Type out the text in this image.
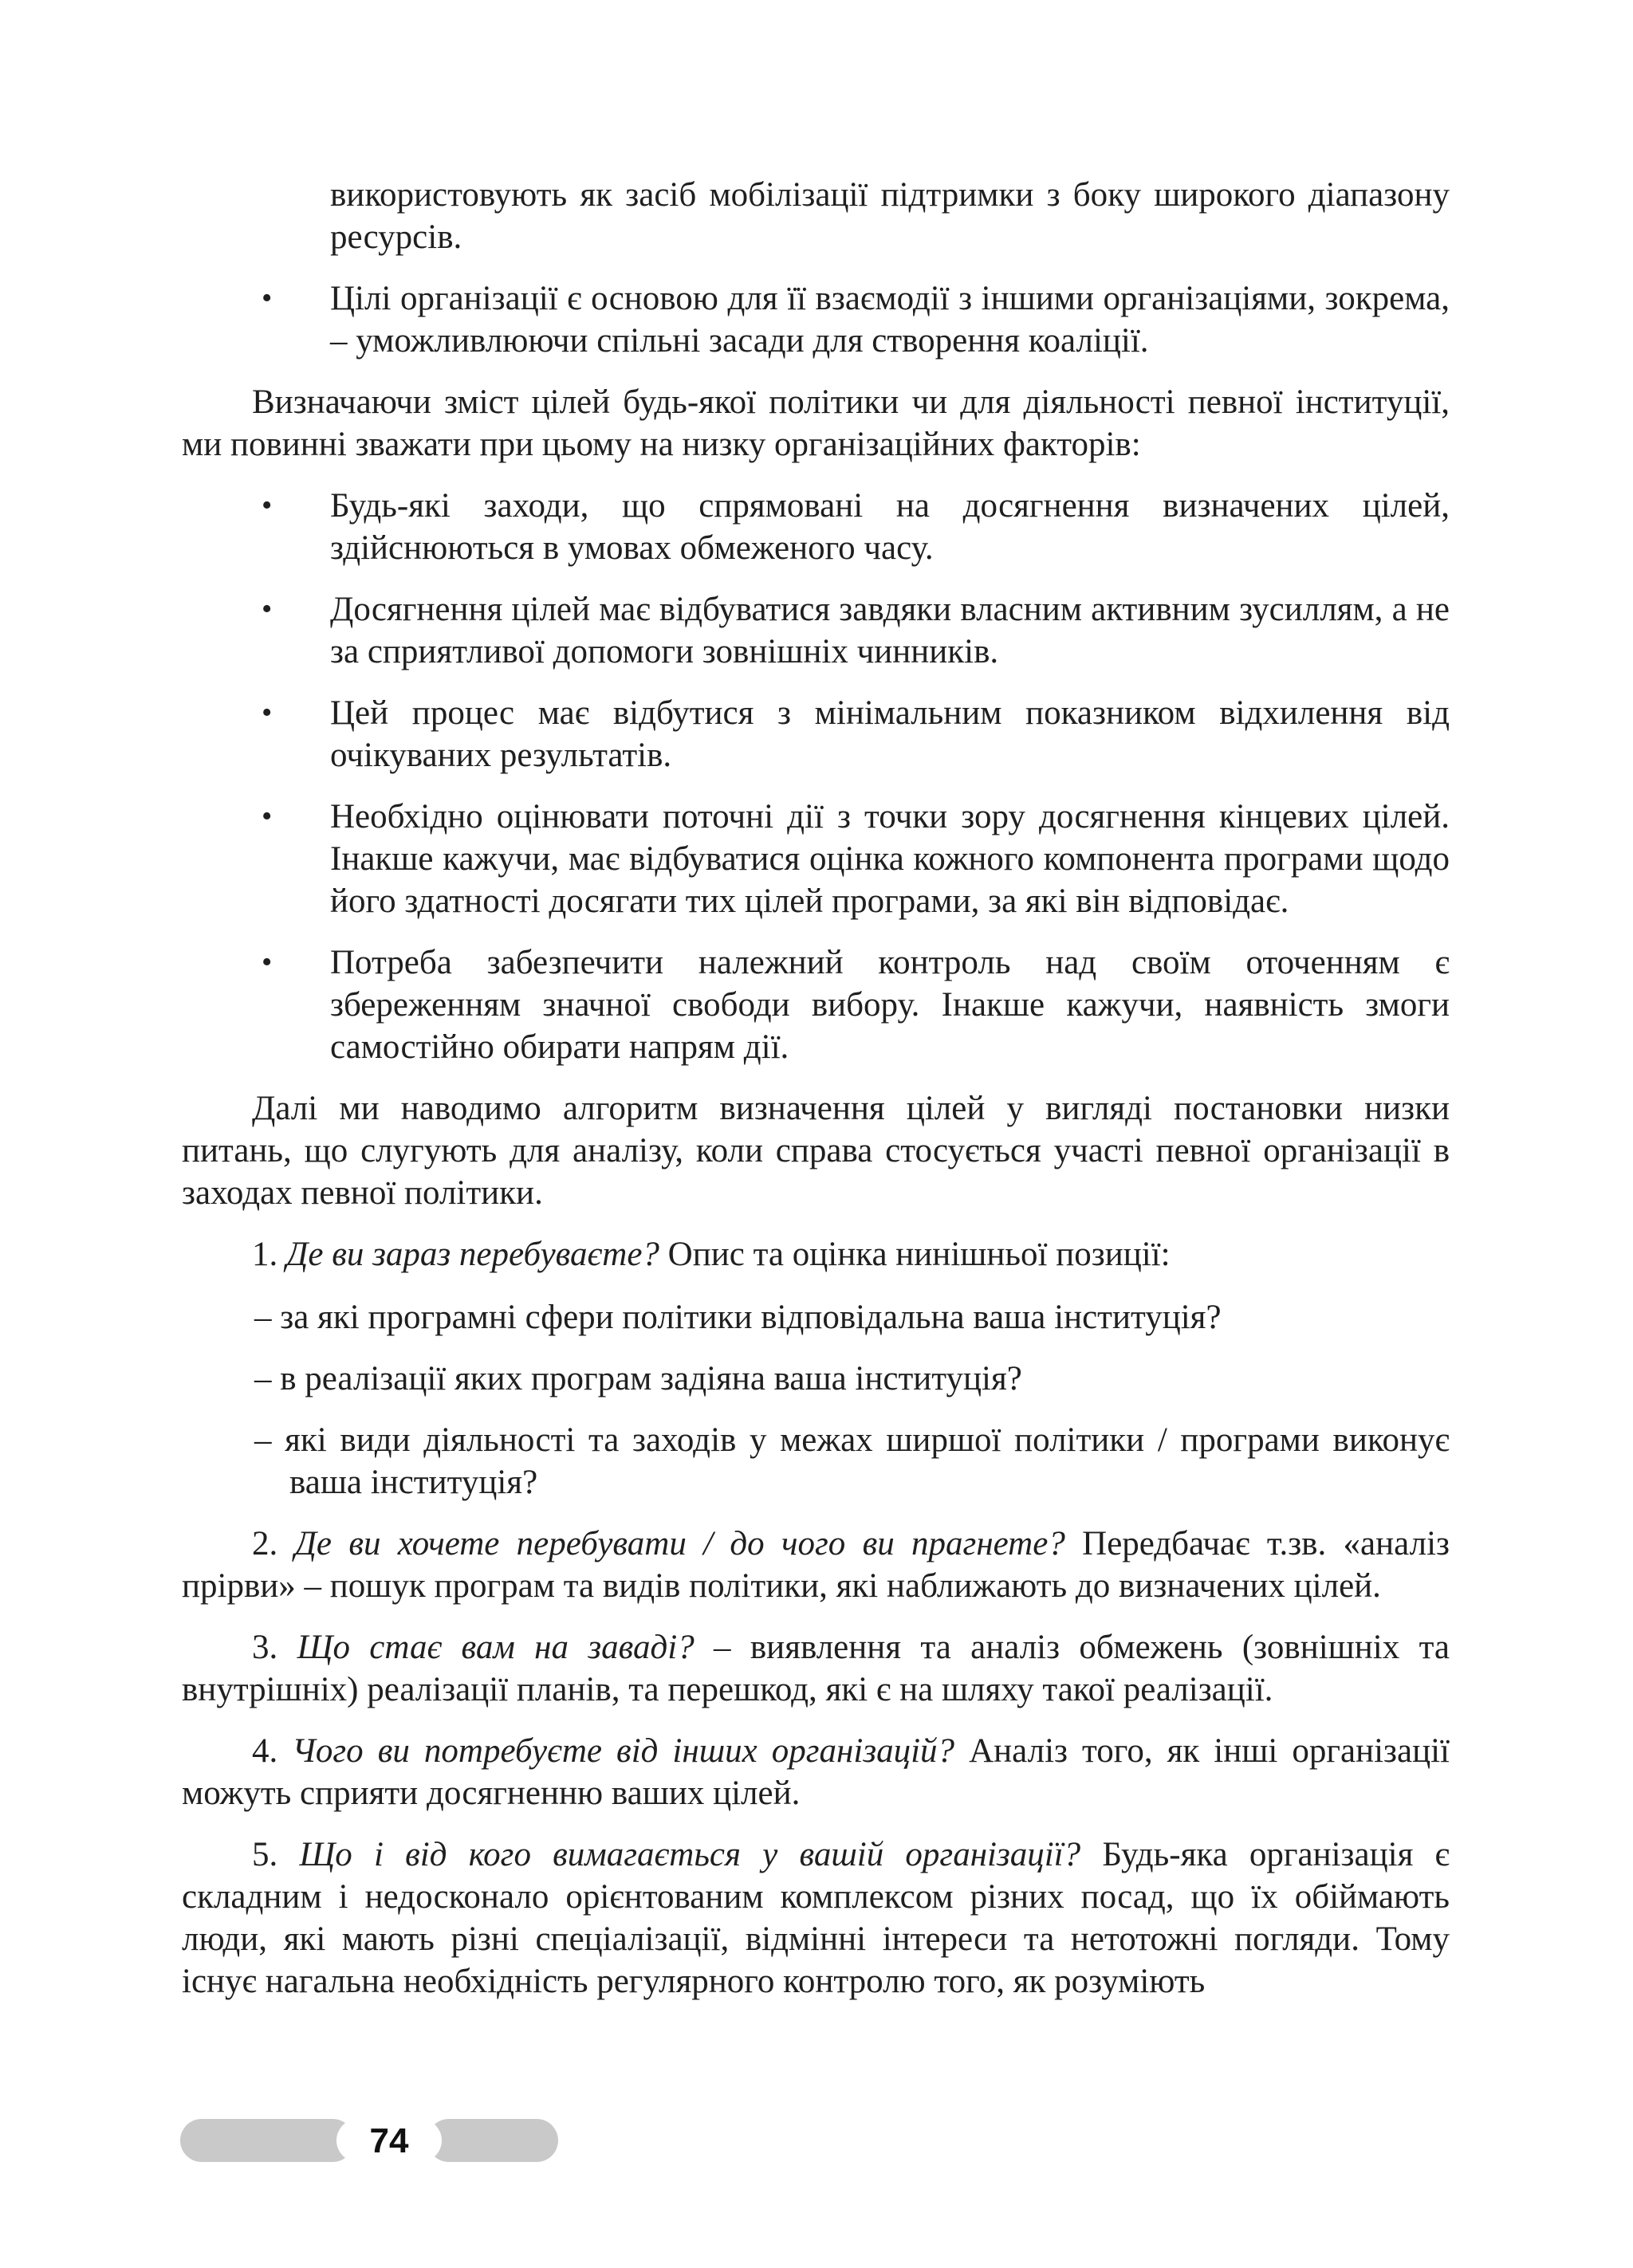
використовують як засіб мобілізації підтримки з боку широкого діапазону ресурсів.

• Цілі організації є основою для її взаємодії з іншими організаціями, зокрема, – уможливлюючи спільні засади для створення коаліції.

Визначаючи зміст цілей будь-якої політики чи для діяльності певної інституції, ми повинні зважати при цьому на низку організаційних факторів:

• Будь-які заходи, що спрямовані на досягнення визначених цілей, здійснюються в умовах обмеженого часу.

• Досягнення цілей має відбуватися завдяки власним активним зусиллям, а не за сприятливої допомоги зовнішніх чинників.

• Цей процес має відбутися з мінімальним показником відхилення від очікуваних результатів.

• Необхідно оцінювати поточні дії з точки зору досягнення кінцевих цілей. Інакше кажучи, має відбуватися оцінка кожного компонента програми щодо його здатності досягати тих цілей програми, за які він відповідає.

• Потреба забезпечити належний контроль над своїм оточенням є збереженням значної свободи вибору. Інакше кажучи, наявність змоги самостійно обирати напрям дії.

Далі ми наводимо алгоритм визначення цілей у вигляді постановки низки питань, що слугують для аналізу, коли справа стосується участі певної організації в заходах певної політики.

1. Де ви зараз перебуваєте? Опис та оцінка нинішньої позиції:

– за які програмні сфери політики відповідальна ваша інституція?

– в реалізації яких програм задіяна ваша інституція?

– які види діяльності та заходів у межах ширшої політики / програми виконує ваша інституція?

2. Де ви хочете перебувати / до чого ви прагнете? Передбачає т.зв. «аналіз прірви» – пошук програм та видів політики, які наближають до визначених цілей.

3. Що стає вам на заваді? – виявлення та аналіз обмежень (зовнішніх та внутрішніх) реалізації планів, та перешкод, які є на шляху такої реалізації.

4. Чого ви потребуєте від інших організацій? Аналіз того, як інші організації можуть сприяти досягненню ваших цілей.

5. Що і від кого вимагається у вашій організації? Будь-яка організація є складним і недосконало орієнтованим комплексом різних посад, що їх обіймають люди, які мають різні спеціалізації, відмінні інтереси та нетотожні погляди. Тому існує нагальна необхідність регулярного контролю того, як розуміють

74
